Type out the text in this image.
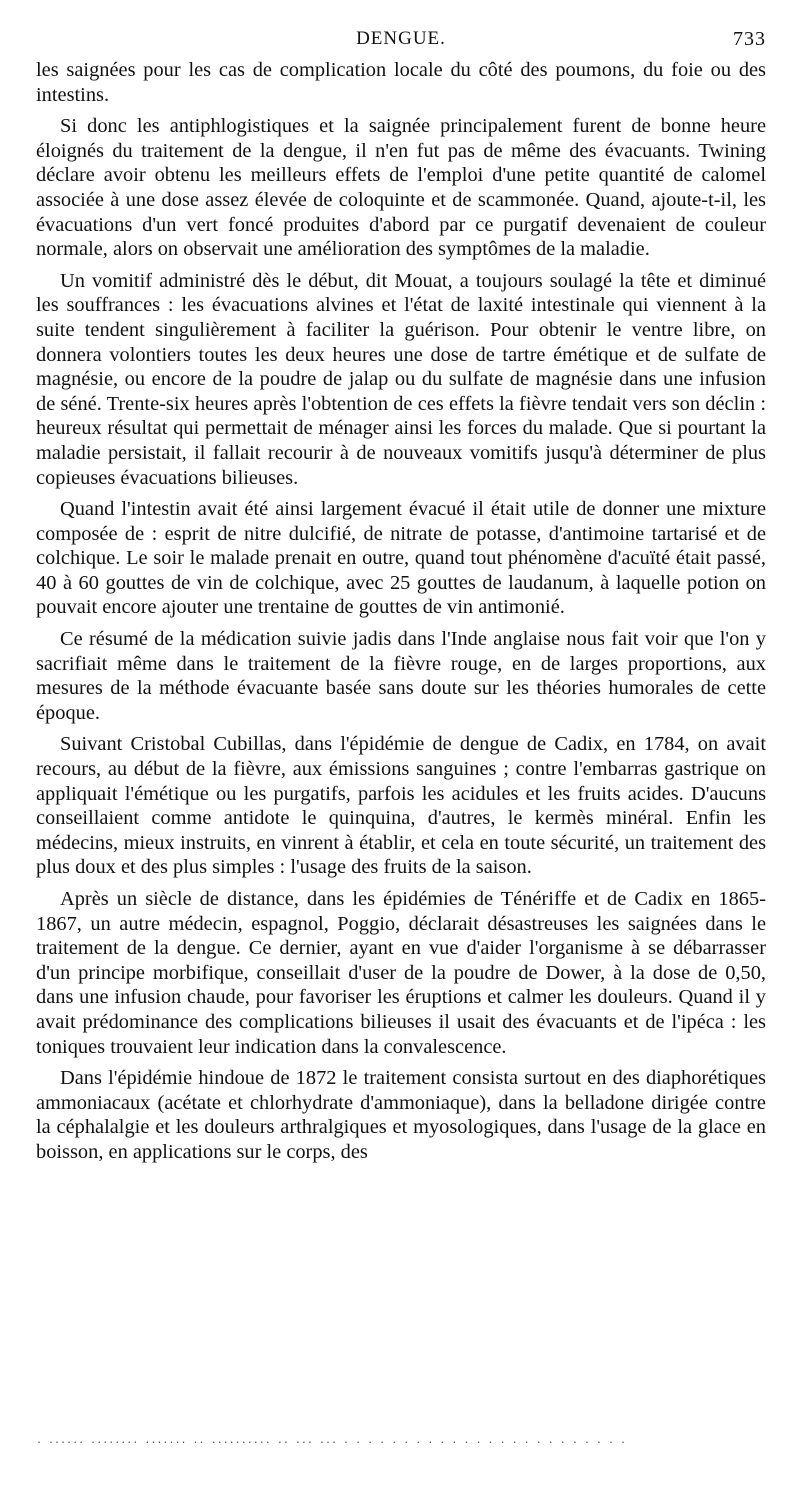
DENGUE.	733

les saignées pour les cas de complication locale du côté des poumons, du foie ou des intestins.

Si donc les antiphlogistiques et la saignée principalement furent de bonne heure éloignés du traitement de la dengue, il n'en fut pas de même des évacuants. Twining déclare avoir obtenu les meilleurs effets de l'emploi d'une petite quantité de calomel associée à une dose assez élevée de coloquinte et de scammonée. Quand, ajoute-t-il, les évacuations d'un vert foncé produites d'abord par ce purgatif devenaient de couleur normale, alors on observait une amélioration des symptômes de la maladie.

Un vomitif administré dès le début, dit Mouat, a toujours soulagé la tête et diminué les souffrances : les évacuations alvines et l'état de laxité intestinale qui viennent à la suite tendent singulièrement à faciliter la guérison. Pour obtenir le ventre libre, on donnera volontiers toutes les deux heures une dose de tartre émétique et de sulfate de magnésie, ou encore de la poudre de jalap ou du sulfate de magnésie dans une infusion de séné. Trente-six heures après l'obtention de ces effets la fièvre tendait vers son déclin : heureux résultat qui permettait de ménager ainsi les forces du malade. Que si pourtant la maladie persistait, il fallait recourir à de nouveaux vomitifs jusqu'à déterminer de plus copieuses évacuations bilieuses.

Quand l'intestin avait été ainsi largement évacué il était utile de donner une mixture composée de : esprit de nitre dulcifié, de nitrate de potasse, d'antimoine tartarisé et de colchique. Le soir le malade prenait en outre, quand tout phénomène d'acuïté était passé, 40 à 60 gouttes de vin de colchique, avec 25 gouttes de laudanum, à laquelle potion on pouvait encore ajouter une trentaine de gouttes de vin antimonié.

Ce résumé de la médication suivie jadis dans l'Inde anglaise nous fait voir que l'on y sacrifiait même dans le traitement de la fièvre rouge, en de larges proportions, aux mesures de la méthode évacuante basée sans doute sur les théories humorales de cette époque.

Suivant Cristobal Cubillas, dans l'épidémie de dengue de Cadix, en 1784, on avait recours, au début de la fièvre, aux émissions sanguines ; contre l'embarras gastrique on appliquait l'émétique ou les purgatifs, parfois les acidules et les fruits acides. D'aucuns conseillaient comme antidote le quinquina, d'autres, le kermès minéral. Enfin les médecins, mieux instruits, en vinrent à établir, et cela en toute sécurité, un traitement des plus doux et des plus simples : l'usage des fruits de la saison.

Après un siècle de distance, dans les épidémies de Ténériffe et de Cadix en 1865-1867, un autre médecin, espagnol, Poggio, déclarait désastreuses les saignées dans le traitement de la dengue. Ce dernier, ayant en vue d'aider l'organisme à se débarrasser d'un principe morbifique, conseillait d'user de la poudre de Dower, à la dose de 0,50, dans une infusion chaude, pour favoriser les éruptions et calmer les douleurs. Quand il y avait prédominance des complications bilieuses il usait des évacuants et de l'ipéca : les toniques trouvaient leur indication dans la convalescence.

Dans l'épidémie hindoue de 1872 le traitement consista surtout en des diaphorétiques ammoniacaux (acétate et chlorhydrate d'ammoniaque), dans la belladone dirigée contre la céphalalgie et les douleurs arthralgiques et myosologiques, dans l'usage de la glace en boisson, en applications sur le corps, des

. ...... ........ ....... .. .......... .. ... ... . . . . . . . . . . . . . . . . . . . . . . . .
